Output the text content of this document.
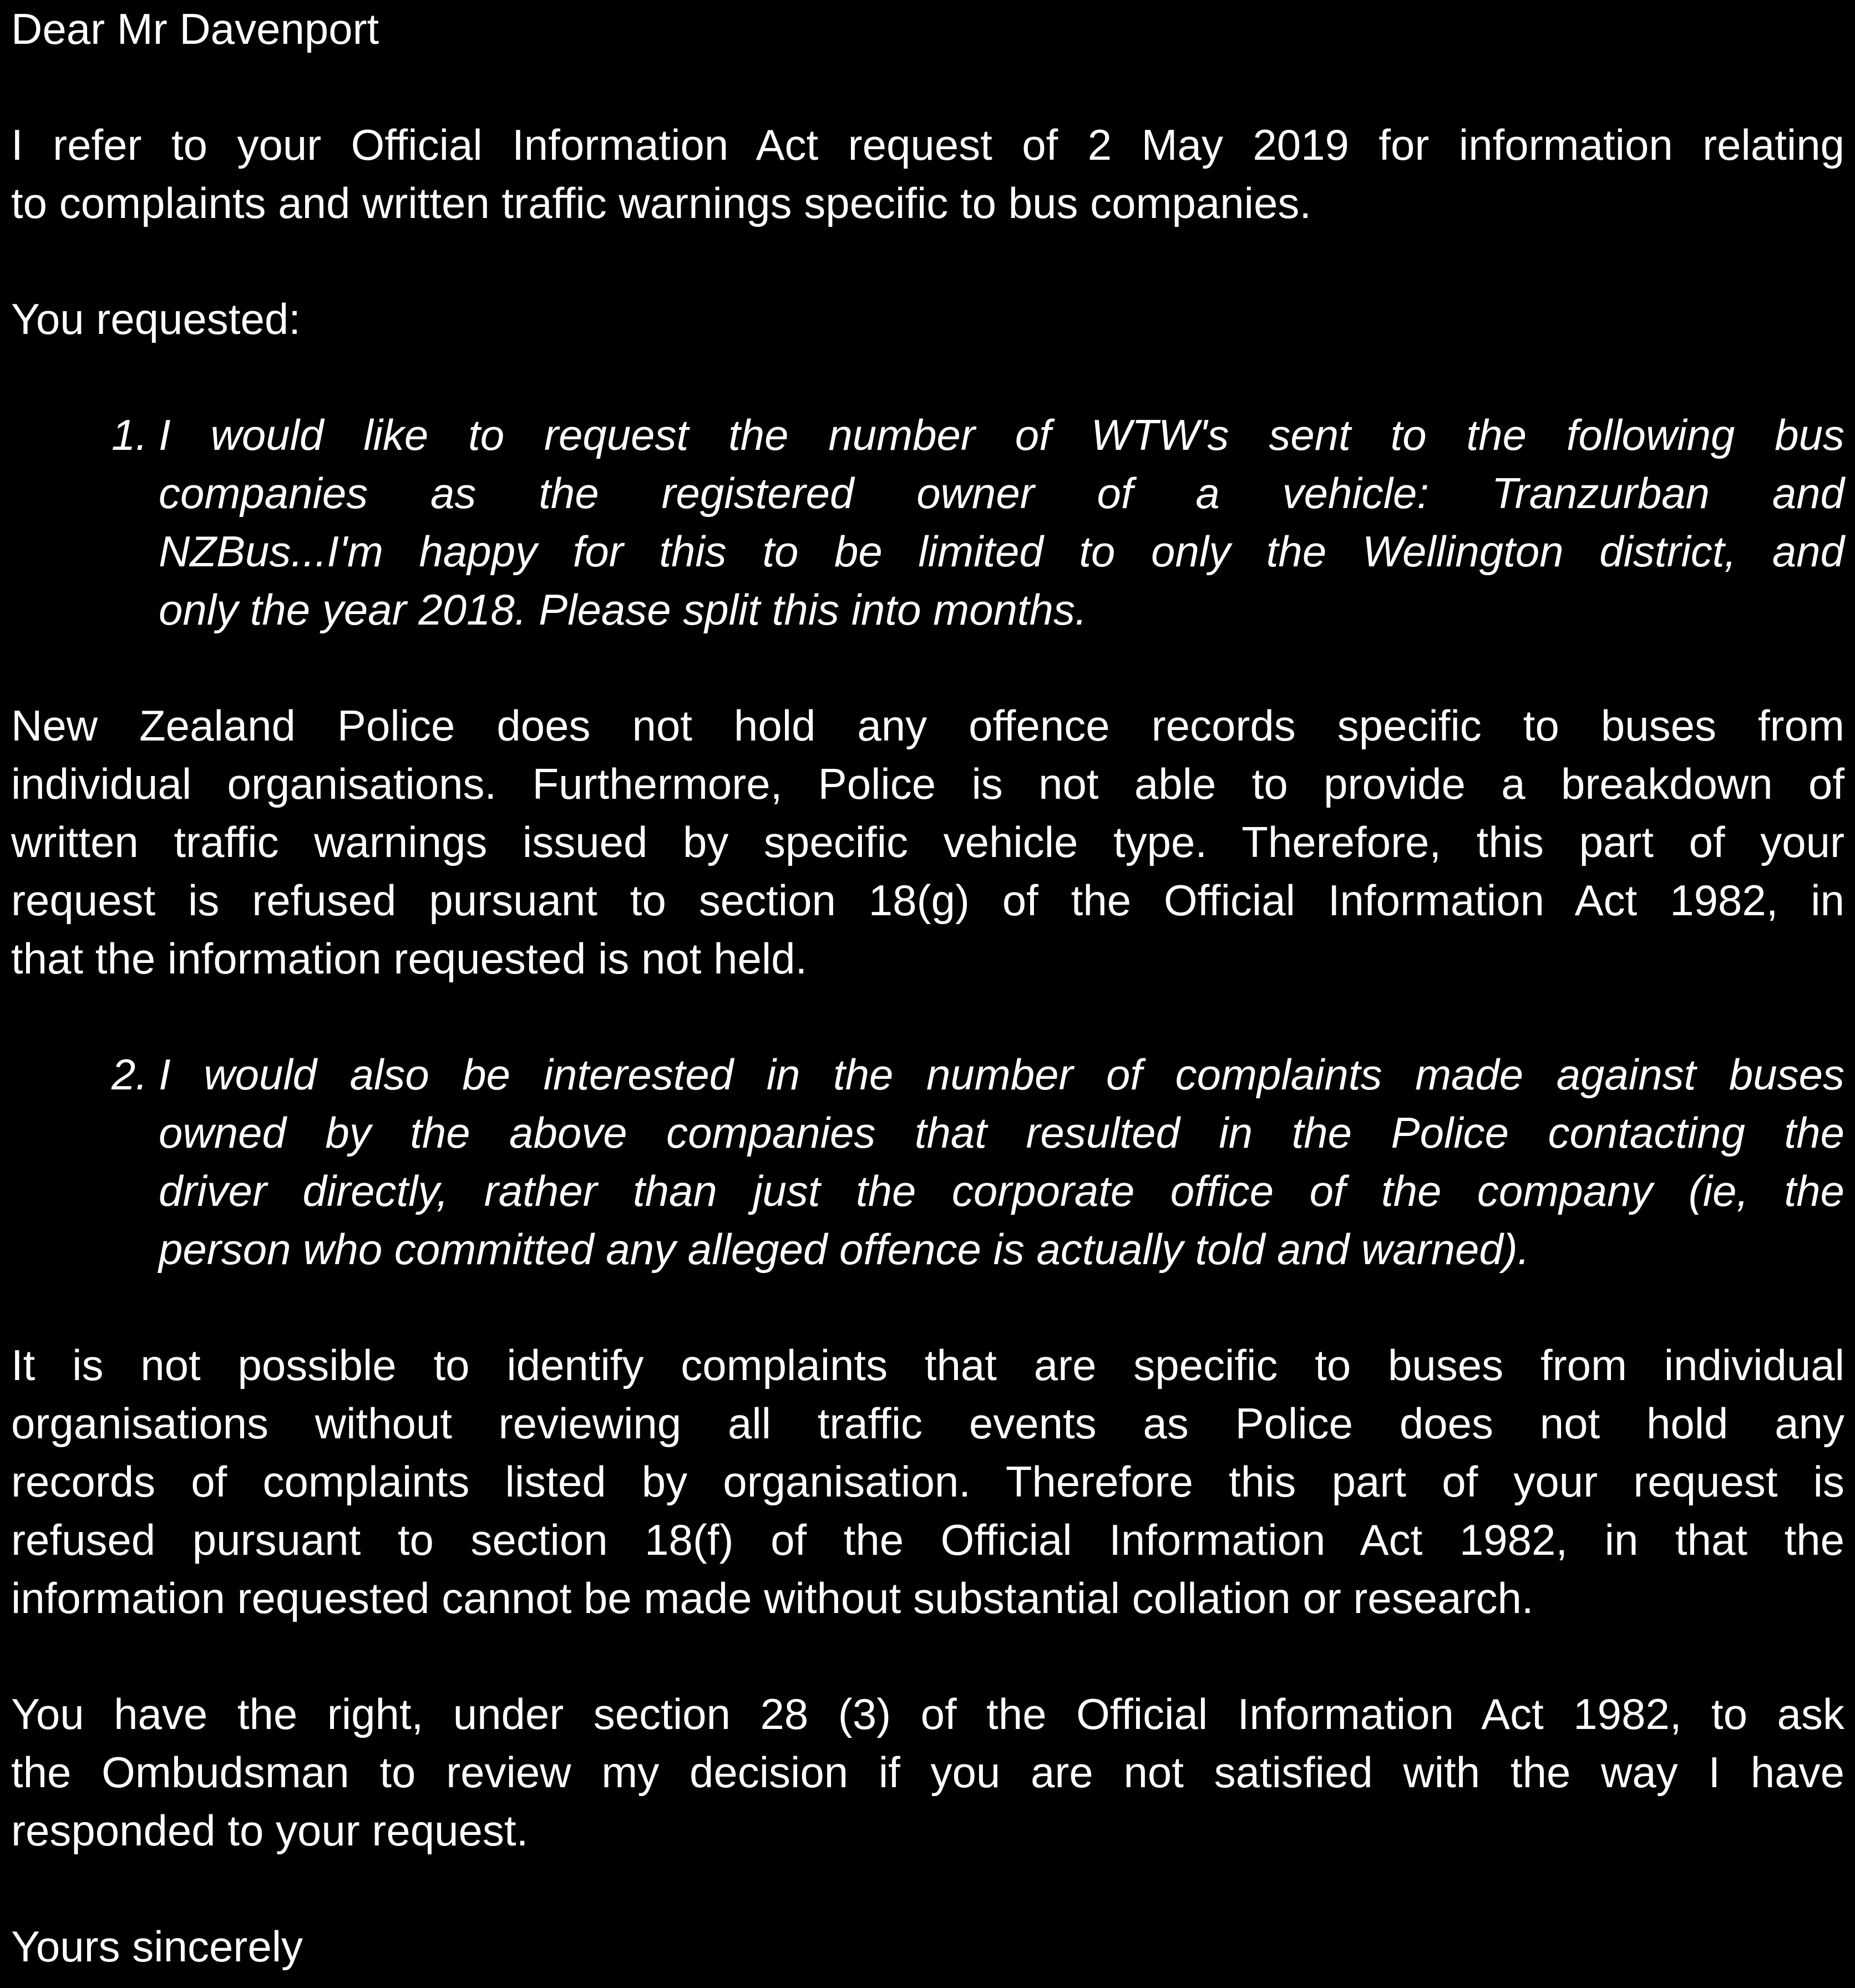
Dear Mr Davenport
I refer to your Official Information Act request of 2 May 2019 for information relating
to complaints and written traffic warnings specific to bus companies.
You requested:
1. I would like to request the number of WTW's sent to the following bus
companies as the registered owner of a vehicle: Tranzurban and
NZBus...I'm happy for this to be limited to only the Wellington district, and
only the year 2018. Please split this into months.
New Zealand Police does not hold any offence records specific to buses from
individual organisations. Furthermore, Police is not able to provide a breakdown of
written traffic warnings issued by specific vehicle type. Therefore, this part of your
request is refused pursuant to section 18(g) of the Official Information Act 1982, in
that the information requested is not held.
2. I would also be interested in the number of complaints made against buses
owned by the above companies that resulted in the Police contacting the
driver directly, rather than just the corporate office of the company (ie, the
person who committed any alleged offence is actually told and warned).
It is not possible to identify complaints that are specific to buses from individual
organisations without reviewing all traffic events as Police does not hold any
records of complaints listed by organisation. Therefore this part of your request is
refused pursuant to section 18(f) of the Official Information Act 1982, in that the
information requested cannot be made without substantial collation or research.
You have the right, under section 28 (3) of the Official Information Act 1982, to ask
the Ombudsman to review my decision if you are not satisfied with the way I have
responded to your request.
Yours sincerely
